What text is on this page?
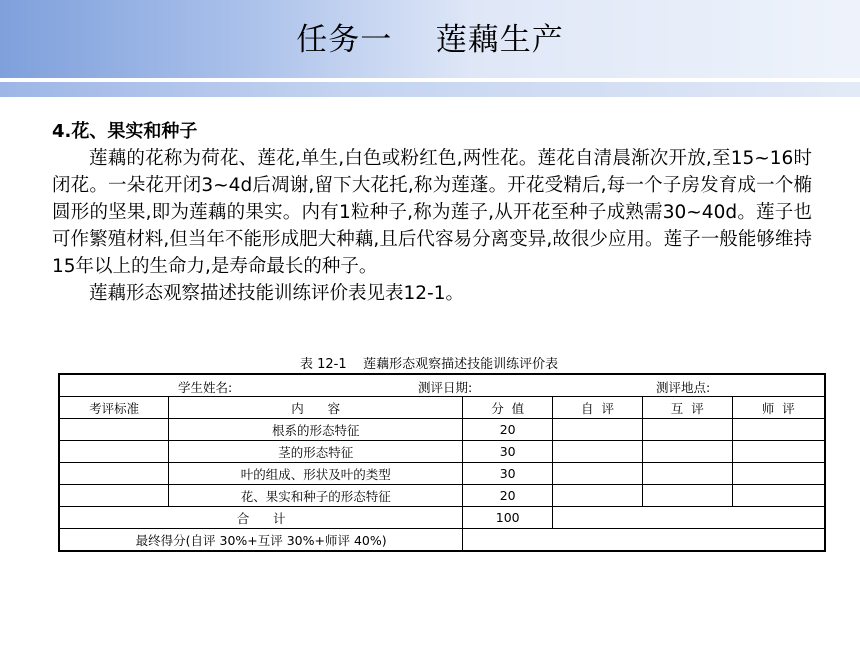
任务一    莲藕生产
4.花、果实和种子

莲藕的花称为荷花、莲花,单生,白色或粉红色,两性花。莲花自清晨渐次开放,至15~16时闭花。一朵花开闭3~4d后凋谢,留下大花托,称为莲蓬。开花受精后,每一个子房发育成一个椭圆形的坚果,即为莲藕的果实。内有1粒种子,称为莲子,从开花至种子成熟需30~40d。莲子也可作繁殖材料,但当年不能形成肥大种藕,且后代容易分离变异,故很少应用。莲子一般能够维持15年以上的生命力,是寿命最长的种子。

莲藕形态观察描述技能训练评价表见表12-1。

表 12-1    莲藕形态观察描述技能训练评价表
学生姓名: 测评日期: 测评地点:					

考评标准	内      容	分  值	自  评	互  评	师  评
	根系的形态特征	20			
	茎的形态特征	30			
	叶的组成、形状及叶的类型	30			
	花、果实和种子的形态特征	20			
合      计		100			
最终得分(自评 30%+互评 30%+师评 40%)					
